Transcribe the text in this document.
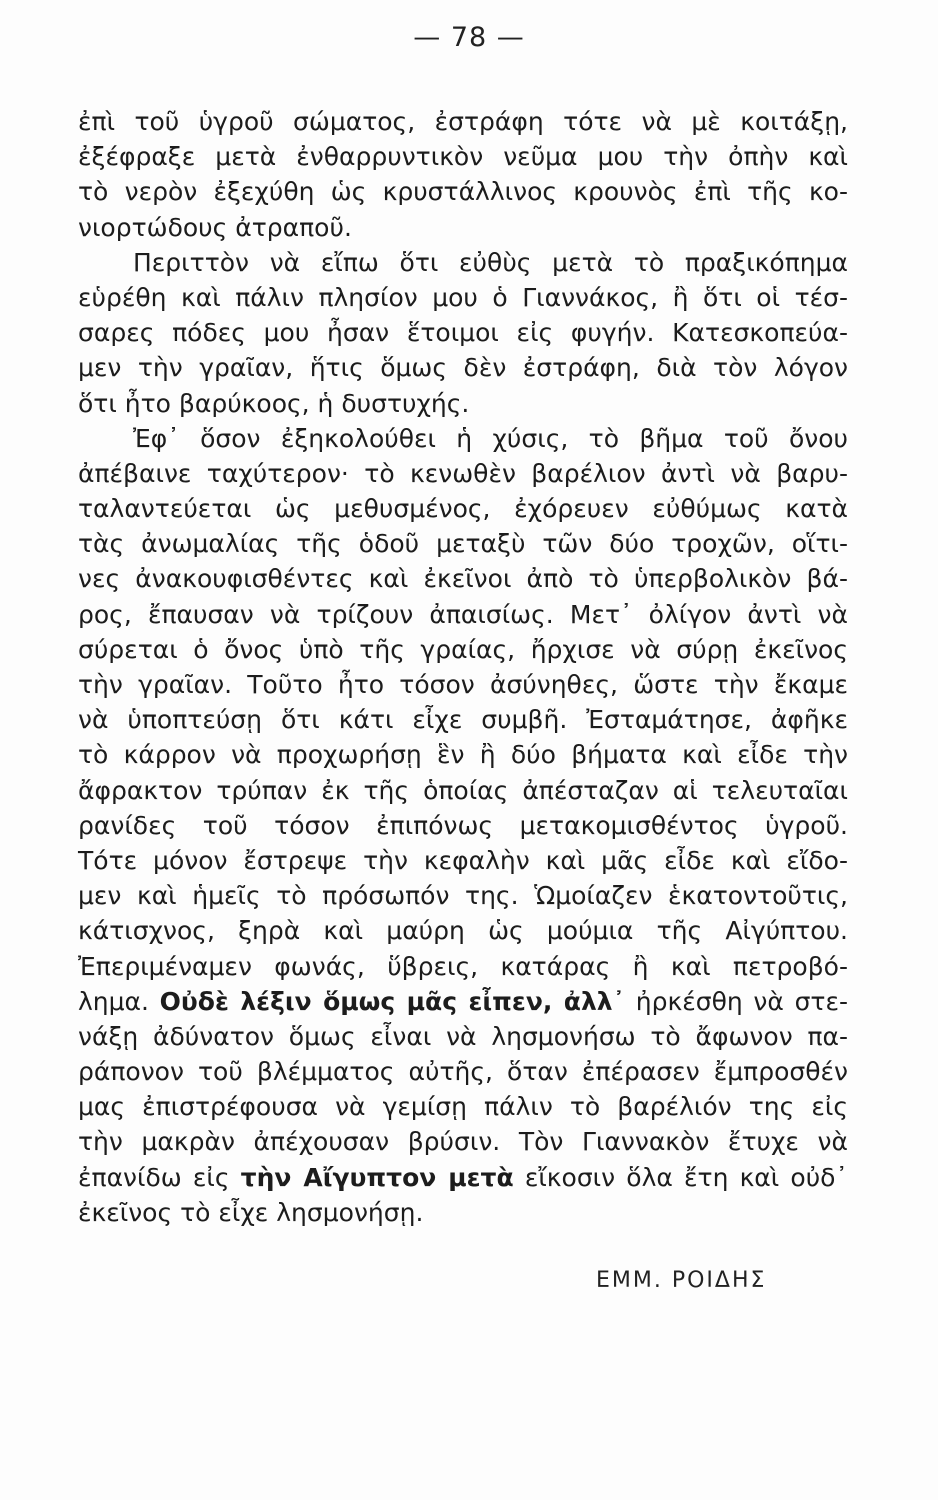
— 78 —
ἐπὶ τοῦ ὑγροῦ σώματος, ἐστράφη τότε νὰ μὲ κοιτάξῃ,
ἐξέφραξε μετὰ ἐνθαρρυντικὸν νεῦμα μου τὴν ὀπὴν καὶ
τὸ νερὸν ἐξεχύθη ὡς κρυστάλλινος κρουνὸς ἐπὶ τῆς κο-
νιορτώδους ἀτραποῦ.
Περιττὸν νὰ εἴπω ὅτι εὐθὺς μετὰ τὸ πραξικόπημα
εὑρέθη καὶ πάλιν πλησίον μου ὁ Γιαννάκος, ἢ ὅτι οἱ τέσ-
σαρες πόδες μου ἦσαν ἕτοιμοι εἰς φυγήν. Κατεσκοπεύα-
μεν τὴν γραῖαν, ἥτις ὅμως δὲν ἐστράφη, διὰ τὸν λόγον
ὅτι ἦτο βαρύκοος, ἡ δυστυχής.
Ἐφ᾿ ὅσον ἐξηκολούθει ἡ χύσις, τὸ βῆμα τοῦ ὄνου
ἀπέβαινε ταχύτερον· τὸ κενωθὲν βαρέλιον ἀντὶ νὰ βαρυ-
ταλαντεύεται ὡς μεθυσμένος, ἐχόρευεν εὐθύμως κατὰ
τὰς ἀνωμαλίας τῆς ὁδοῦ μεταξὺ τῶν δύο τροχῶν, οἵτι-
νες ἀνακουφισθέντες καὶ ἐκεῖνοι ἀπὸ τὸ ὑπερβολικὸν βά-
ρος, ἔπαυσαν νὰ τρίζουν ἀπαισίως. Μετ᾿ ὀλίγον ἀντὶ νὰ
σύρεται ὁ ὄνος ὑπὸ τῆς γραίας, ἤρχισε νὰ σύρῃ ἐκεῖνος
τὴν γραῖαν. Τοῦτο ἦτο τόσον ἀσύνηθες, ὥστε τὴν ἔκαμε
νὰ ὑποπτεύσῃ ὅτι κάτι εἶχε συμβῆ. Ἐσταμάτησε, ἀφῆκε
τὸ κάρρον νὰ προχωρήσῃ ἓν ἢ δύο βήματα καὶ εἶδε τὴν
ἄφρακτον τρύπαν ἐκ τῆς ὁποίας ἀπέσταζαν αἱ τελευταῖαι
ρανίδες τοῦ τόσον ἐπιπόνως μετακομισθέντος ὑγροῦ.
Τότε μόνον ἔστρεψε τὴν κεφαλὴν καὶ μᾶς εἶδε καὶ εἴδο-
μεν καὶ ἡμεῖς τὸ πρόσωπόν της. Ὡμοίαζεν ἑκατοντοῦτις,
κάτισχνος, ξηρὰ καὶ μαύρη ὡς μούμια τῆς Αἰγύπτου.
Ἐπεριμέναμεν φωνάς, ὕβρεις, κατάρας ἢ καὶ πετροβό-
λημα. Οὐδὲ λέξιν ὅμως μᾶς εἶπεν, ἀλλ᾿ ἠρκέσθη νὰ στε-
νάξῃ ἀδύνατον ὅμως εἶναι νὰ λησμονήσω τὸ ἄφωνον πα-
ράπονον τοῦ βλέμματος αὐτῆς, ὅταν ἐπέρασεν ἔμπροσθέν
μας ἐπιστρέφουσα νὰ γεμίσῃ πάλιν τὸ βαρέλιόν της εἰς
τὴν μακρὰν ἀπέχουσαν βρύσιν. Τὸν Γιαννακὸν ἔτυχε νὰ
ἐπανίδω εἰς τὴν Αἴγυπτον μετὰ εἴκοσιν ὅλα ἔτη καὶ οὐδ᾿
ἐκεῖνος τὸ εἶχε λησμονήσῃ.
ΕΜΜ. ΡΟΙΔΗΣ
